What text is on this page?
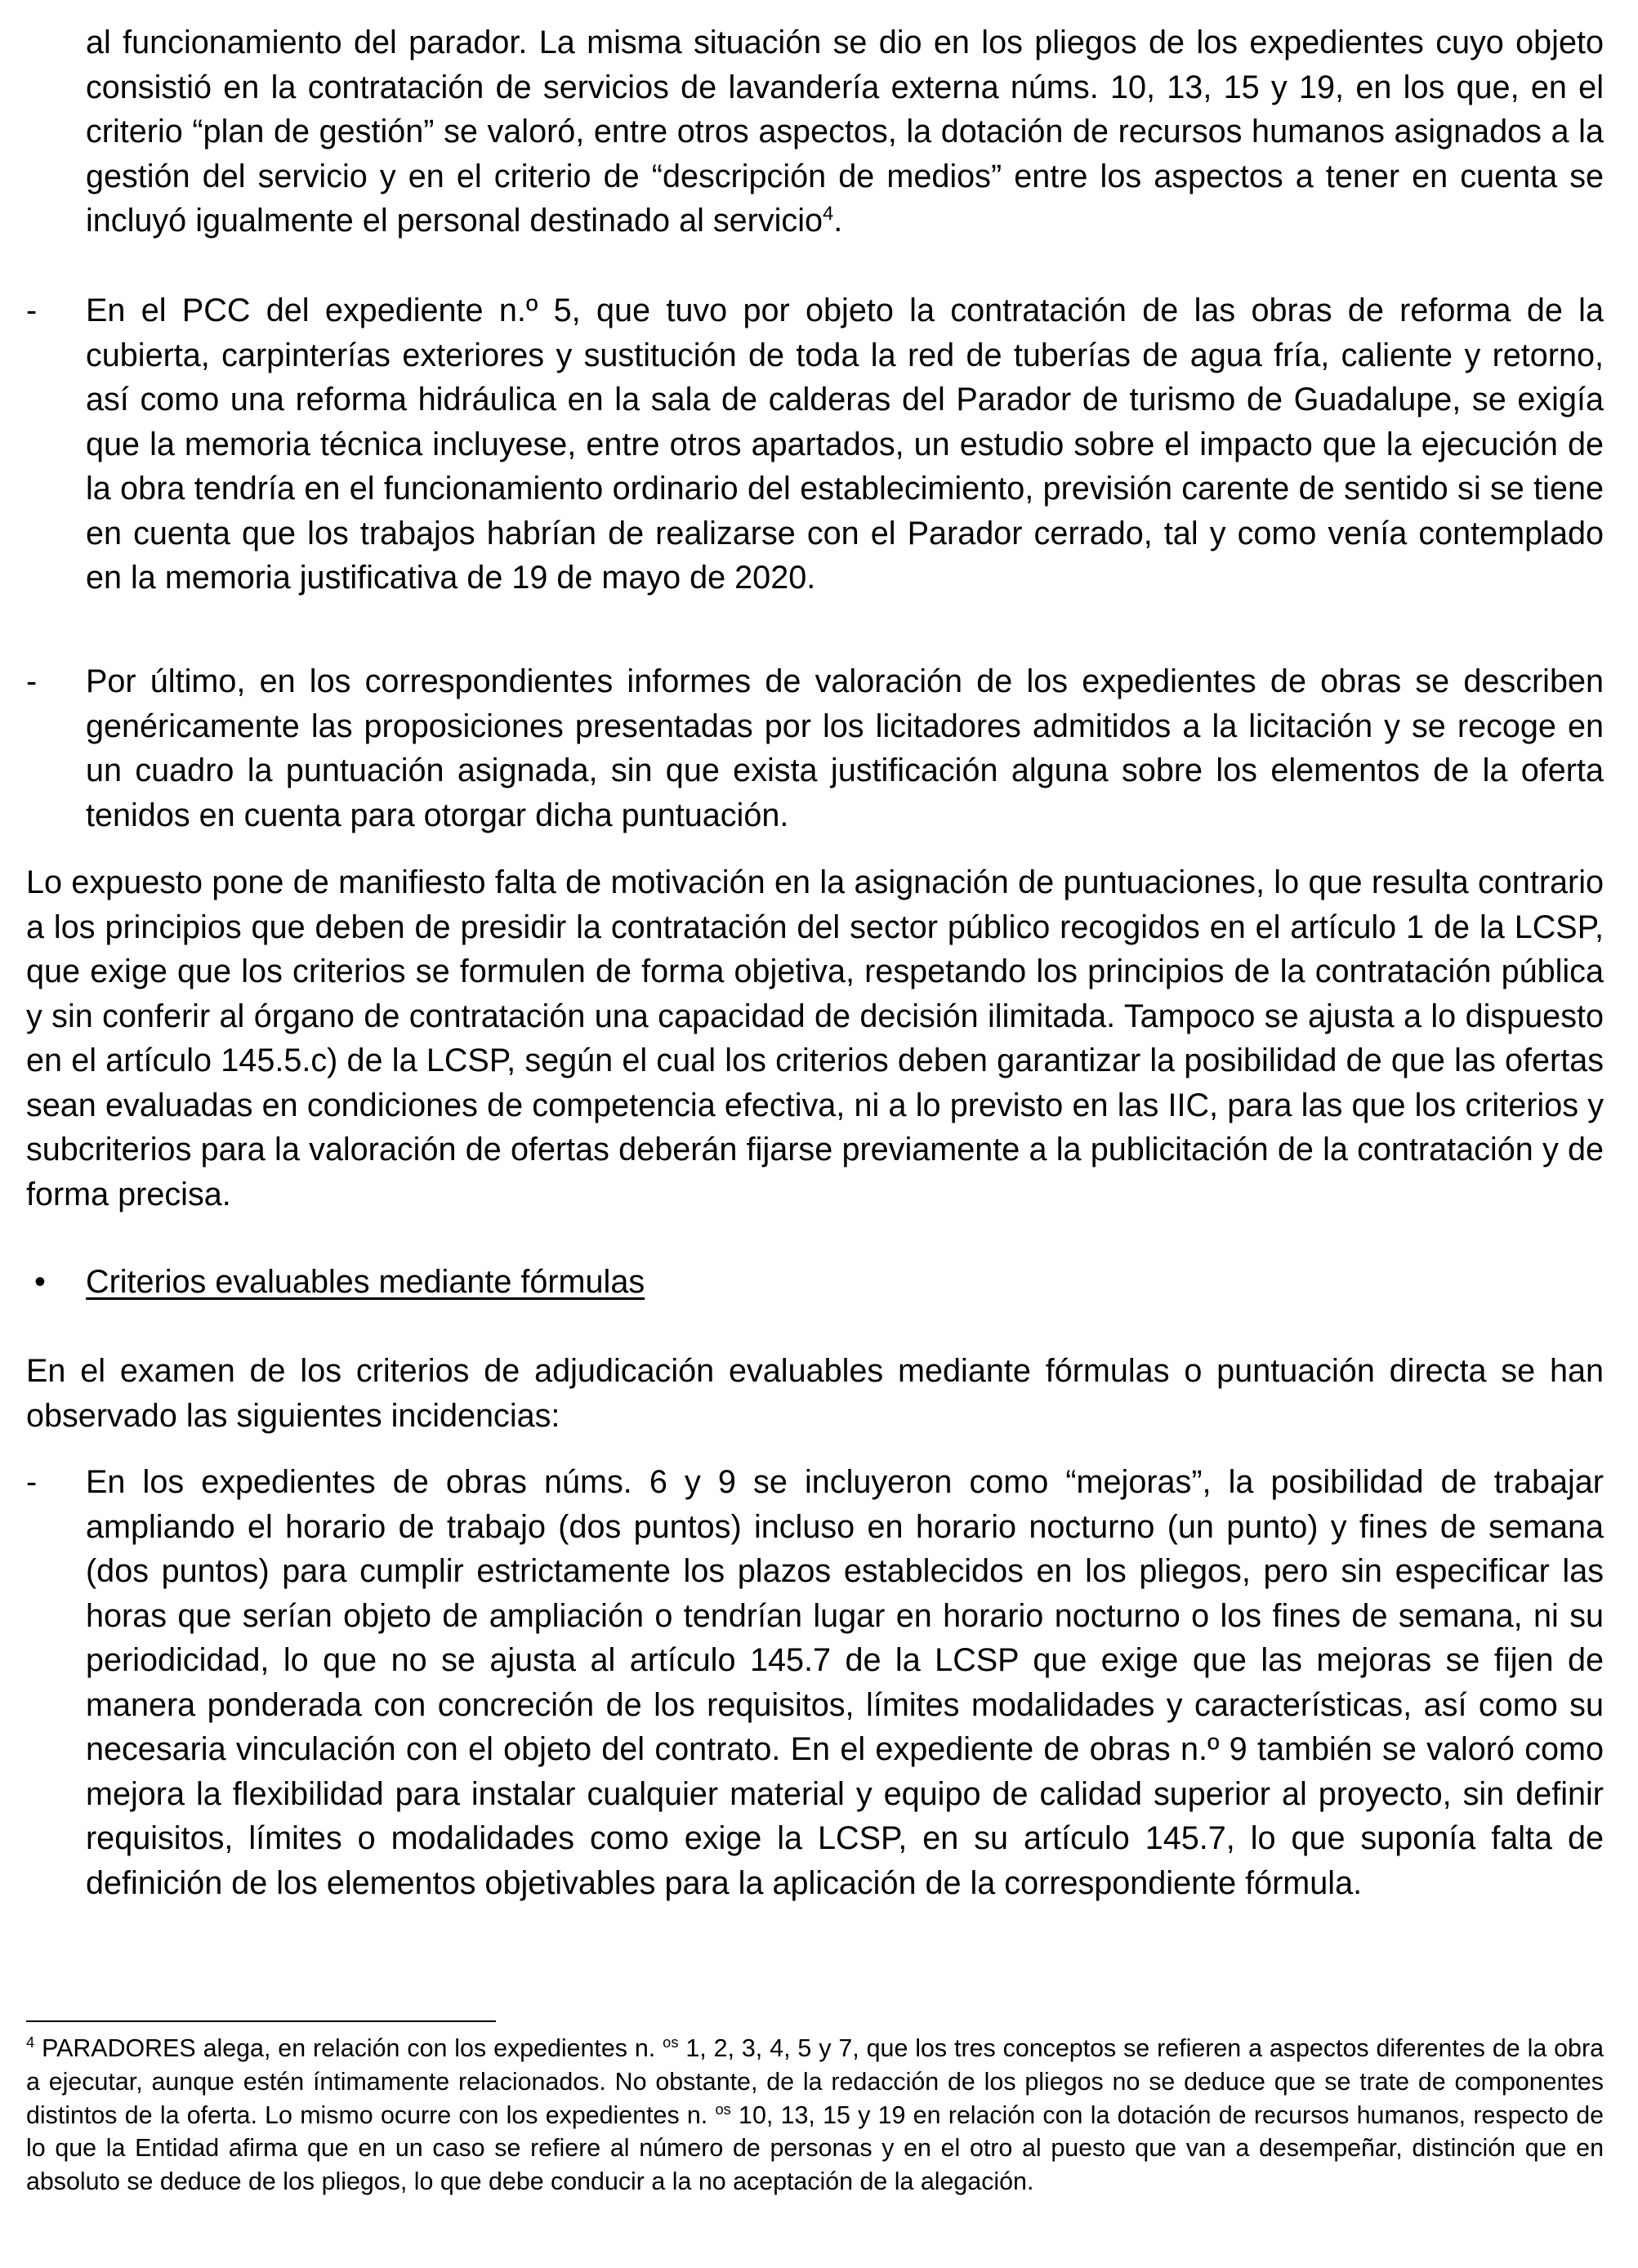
al funcionamiento del parador. La misma situación se dio en los pliegos de los expedientes cuyo objeto consistió en la contratación de servicios de lavandería externa núms. 10, 13, 15 y 19, en los que, en el criterio “plan de gestión” se valoró, entre otros aspectos, la dotación de recursos humanos asignados a la gestión del servicio y en el criterio de “descripción de medios” entre los aspectos a tener en cuenta se incluyó igualmente el personal destinado al servicio$^4$.

- En el PCC del expediente n.º 5, que tuvo por objeto la contratación de las obras de reforma de la cubierta, carpinterías exteriores y sustitución de toda la red de tuberías de agua fría, caliente y retorno, así como una reforma hidráulica en la sala de calderas del Parador de turismo de Guadalupe, se exigía que la memoria técnica incluyese, entre otros apartados, un estudio sobre el impacto que la ejecución de la obra tendría en el funcionamiento ordinario del establecimiento, previsión carente de sentido si se tiene en cuenta que los trabajos habrían de realizarse con el Parador cerrado, tal y como venía contemplado en la memoria justificativa de 19 de mayo de 2020.

- Por último, en los correspondientes informes de valoración de los expedientes de obras se describen genéricamente las proposiciones presentadas por los licitadores admitidos a la licitación y se recoge en un cuadro la puntuación asignada, sin que exista justificación alguna sobre los elementos de la oferta tenidos en cuenta para otorgar dicha puntuación.

Lo expuesto pone de manifiesto falta de motivación en la asignación de puntuaciones, lo que resulta contrario a los principios que deben de presidir la contratación del sector público recogidos en el artículo 1 de la LCSP, que exige que los criterios se formulen de forma objetiva, respetando los principios de la contratación pública y sin conferir al órgano de contratación una capacidad de decisión ilimitada. Tampoco se ajusta a lo dispuesto en el artículo 145.5.c) de la LCSP, según el cual los criterios deben garantizar la posibilidad de que las ofertas sean evaluadas en condiciones de competencia efectiva, ni a lo previsto en las IIC, para las que los criterios y subcriterios para la valoración de ofertas deberán fijarse previamente a la publicitación de la contratación y de forma precisa.

• Criterios evaluables mediante fórmulas

En el examen de los criterios de adjudicación evaluables mediante fórmulas o puntuación directa se han observado las siguientes incidencias:

- En los expedientes de obras núms. 6 y 9 se incluyeron como “mejoras”, la posibilidad de trabajar ampliando el horario de trabajo (dos puntos) incluso en horario nocturno (un punto) y fines de semana (dos puntos) para cumplir estrictamente los plazos establecidos en los pliegos, pero sin especificar las horas que serían objeto de ampliación o tendrían lugar en horario nocturno o los fines de semana, ni su periodicidad, lo que no se ajusta al artículo 145.7 de la LCSP que exige que las mejoras se fijen de manera ponderada con concreción de los requisitos, límites modalidades y características, así como su necesaria vinculación con el objeto del contrato. En el expediente de obras n.º 9 también se valoró como mejora la flexibilidad para instalar cualquier material y equipo de calidad superior al proyecto, sin definir requisitos, límites o modalidades como exige la LCSP, en su artículo 145.7, lo que suponía falta de definición de los elementos objetivables para la aplicación de la correspondiente fórmula.

$^4$ PARADORES alega, en relación con los expedientes n. $^{os}$ 1, 2, 3, 4, 5 y 7, que los tres conceptos se refieren a aspectos diferentes de la obra a ejecutar, aunque estén íntimamente relacionados. No obstante, de la redacción de los pliegos no se deduce que se trate de componentes distintos de la oferta. Lo mismo ocurre con los expedientes n. $^{os}$ 10, 13, 15 y 19 en relación con la dotación de recursos humanos, respecto de lo que la Entidad afirma que en un caso se refiere al número de personas y en el otro al puesto que van a desempeñar, distinción que en absoluto se deduce de los pliegos, lo que debe conducir a la no aceptación de la alegación.
